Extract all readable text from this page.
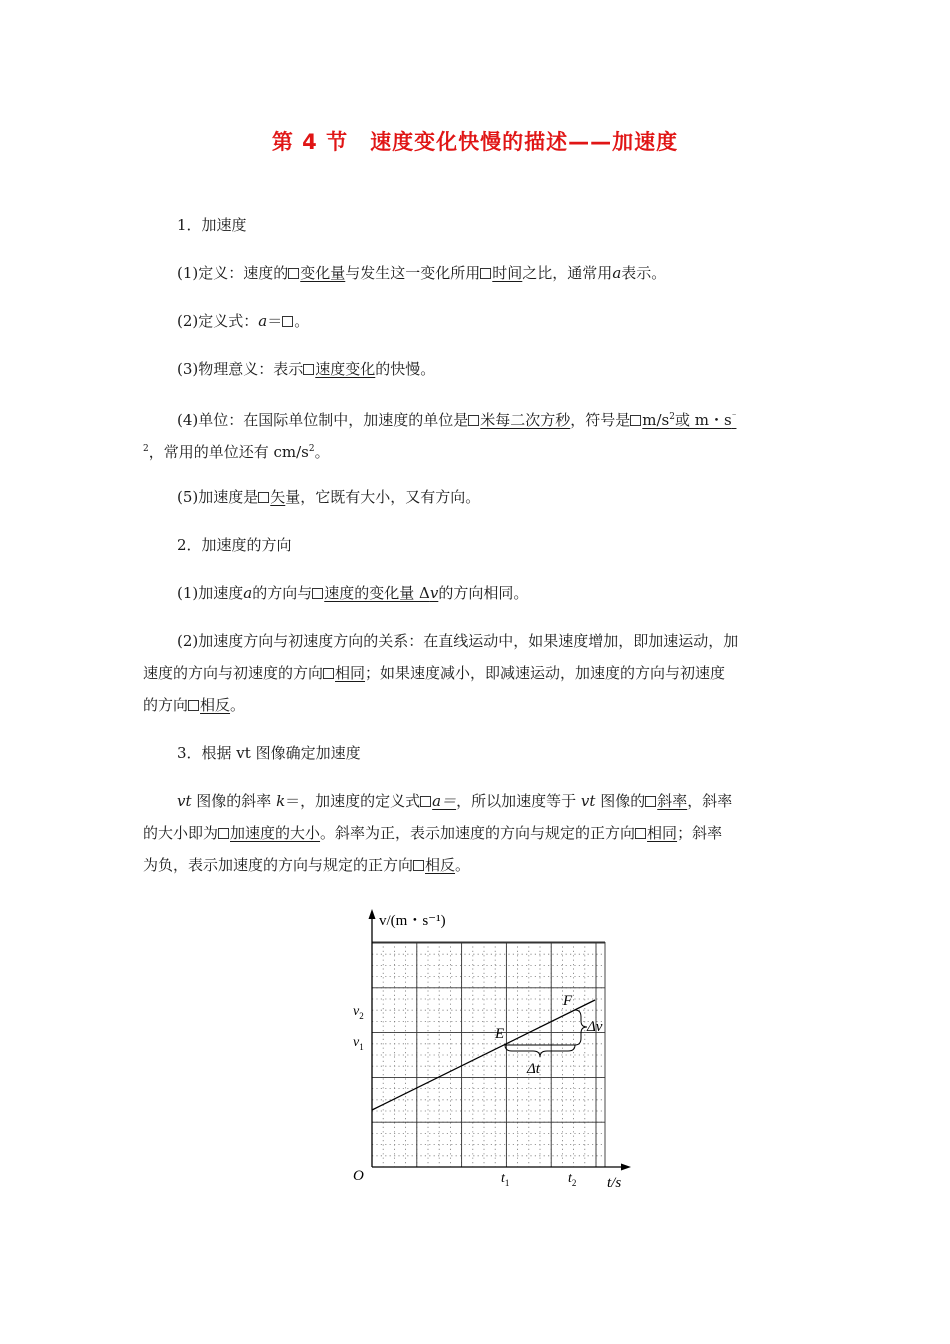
第 4 节　速度变化快慢的描述——加速度
1．加速度
(1)定义：速度的 变化量与发生这一变化所用 时间之比，通常用a表示。
(2)定义式：a＝ 。
(3)物理意义：表示 速度变化的快慢。
(4)单位：在国际单位制中，加速度的单位是 米每二次方秒，符号是 $m/s^2$或 m・s⁻
$^2$，常用的单位还有 $cm/s^2$。
(5)加速度是 矢量，它既有大小，又有方向。
2．加速度的方向
(1)加速度a的方向与 速度的变化量 Δv的方向相同。
(2)加速度方向与初速度方向的关系：在直线运动中，如果速度增加，即加速运动，加
速度的方向与初速度的方向 相同；如果速度减小，即减速运动，加速度的方向与初速度
的方向 相反。
3．根据 vt 图像确定加速度
vt 图像的斜率 k＝，加速度的定义式 a＝，所以加速度等于 vt 图像的 斜率，斜率
的大小即为 加速度的大小。斜率为正，表示加速度的方向与规定的正方向 相同；斜率
为负，表示加速度的方向与规定的正方向 相反。
v/(m・s⁻¹)
t/s
O
$v_2$
$v_1$
$t_1$	$t_2$
E
F
Δv
Δt
